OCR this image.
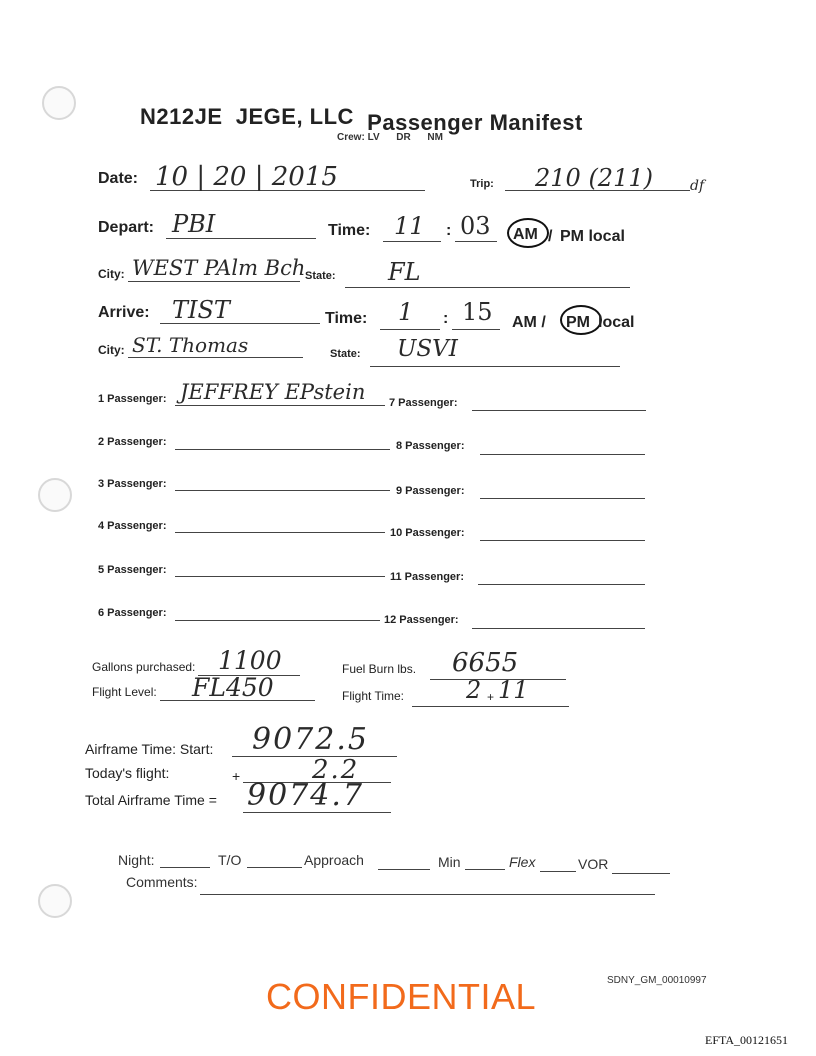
N212JE JEGE, LLC Passenger Manifest
Crew: LV DR NM
Date: 10 | 20 | 2015	Trip: 210 (211)	df
Depart: PBI	Time: 11 : 03 AM / PM local
City: WEST PAlm Bch State: FL
Arrive: TIST	Time: 1 : 15 AM / PM local
City: ST. Thomas	State: USVI
1 Passenger: JEFFREY EPstein
2 Passenger:
3 Passenger:
4 Passenger:
5 Passenger:
6 Passenger:
7 Passenger:
8 Passenger:
9 Passenger:
10 Passenger:
11 Passenger:
12 Passenger:
Gallons purchased: 1100	Fuel Burn lbs. 6655
Flight Level: FL450	Flight Time:	2 + 11
Airframe Time: Start: 9072.5
Today's flight:	+	2.2
Total Airframe Time = 9074.7
Night:	T/O	Approach	Min	Flex	VOR
Comments:
CONFIDENTIAL	SDNY_GM_00010997
EFTA_00121651
